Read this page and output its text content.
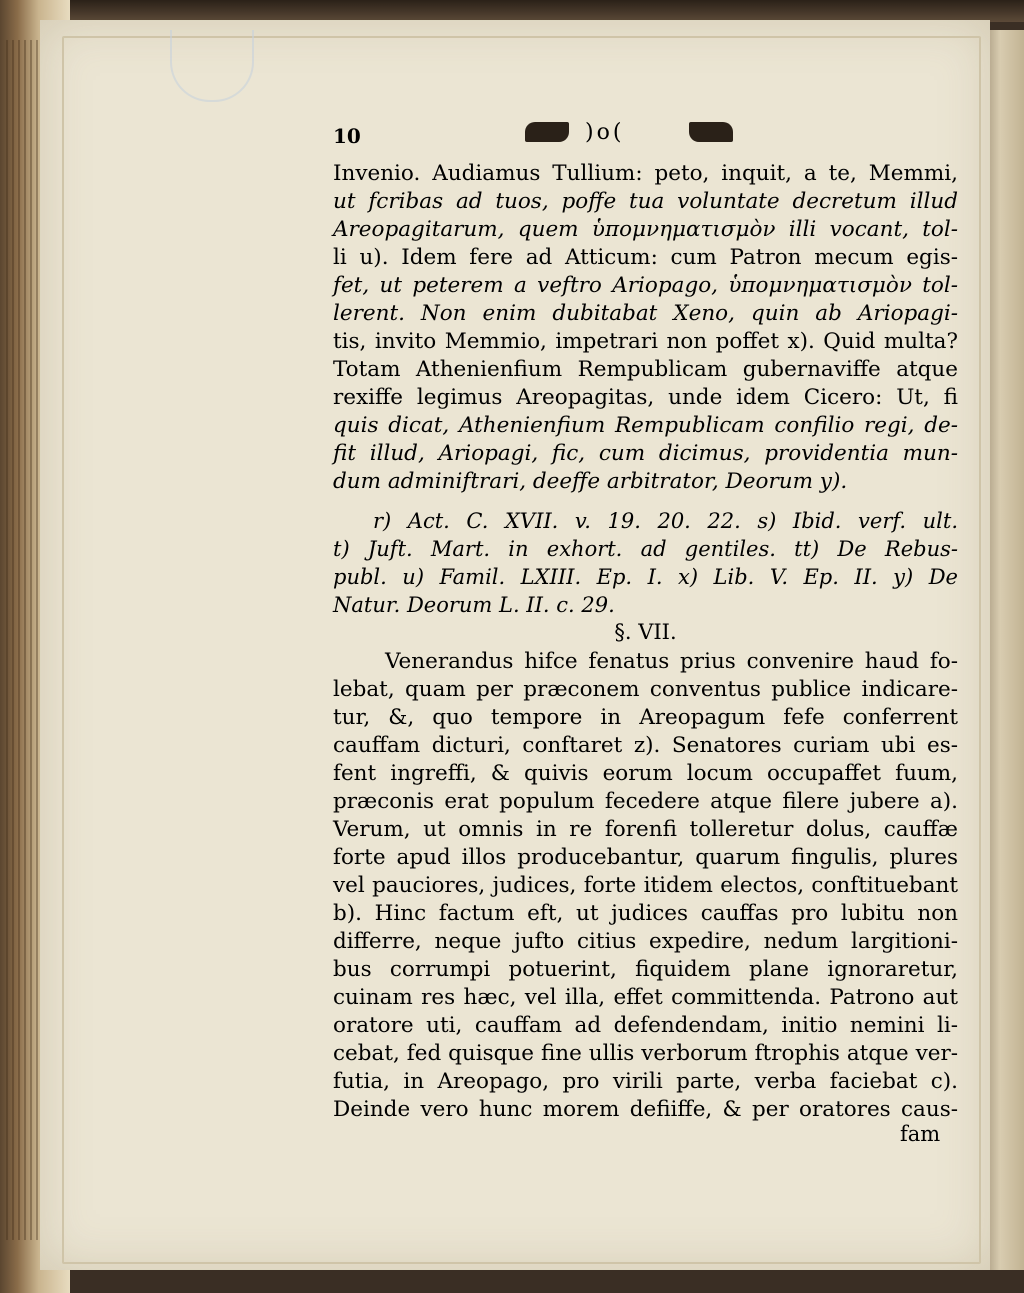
10	)o(
Invenio. Audiamus Tullium: peto, inquit, a te, Memmi,
ut fcribas ad tuos, poffe tua voluntate decretum illud
Areopagitarum, quem ὑπομνηματισμὸν illi vocant, tol-
li u). Idem fere ad Atticum: cum Patron mecum egis-
fet, ut peterem a veftro Ariopago, ὑπομνηματισμὸν tol-
lerent. Non enim dubitabat Xeno, quin ab Ariopagi-
tis, invito Memmio, impetrari non poffet x). Quid multa?
Totam Athenienfium Rempublicam gubernaviffe atque
rexiffe legimus Areopagitas, unde idem Cicero: Ut, fi
quis dicat, Athenienfium Rempublicam confilio regi, de-
fit illud, Ariopagi, fic, cum dicimus, providentia mun-
dum adminiftrari, deeffe arbitrator, Deorum y).
r) Act. C. XVII. v. 19. 20. 22. s) Ibid. verf. ult.
t) Juft. Mart. in exhort. ad gentiles. tt) De Rebus-
publ. u) Famil. LXIII. Ep. I. x) Lib. V. Ep. II. y) De
Natur. Deorum L. II. c. 29.
§. VII.
Venerandus hifce fenatus prius convenire haud fo-
lebat, quam per præconem conventus publice indicare-
tur, &, quo tempore in Areopagum fefe conferrent
cauffam dicturi, conftaret z). Senatores curiam ubi es-
fent ingreffi, & quivis eorum locum occupaffet fuum,
præconis erat populum fecedere atque filere jubere a).
Verum, ut omnis in re forenfi tolleretur dolus, cauffæ
forte apud illos producebantur, quarum fingulis, plures
vel pauciores, judices, forte itidem electos, conftituebant
b). Hinc factum eft, ut judices cauffas pro lubitu non
differre, neque jufto citius expedire, nedum largitioni-
bus corrumpi potuerint, fiquidem plane ignoraretur,
cuinam res hæc, vel illa, effet committenda. Patrono aut
oratore uti, cauffam ad defendendam, initio nemini li-
cebat, fed quisque fine ullis verborum ftrophis atque ver-
futia, in Areopago, pro virili parte, verba faciebat c).
Deinde vero hunc morem defiiffe, & per oratores caus-
fam
